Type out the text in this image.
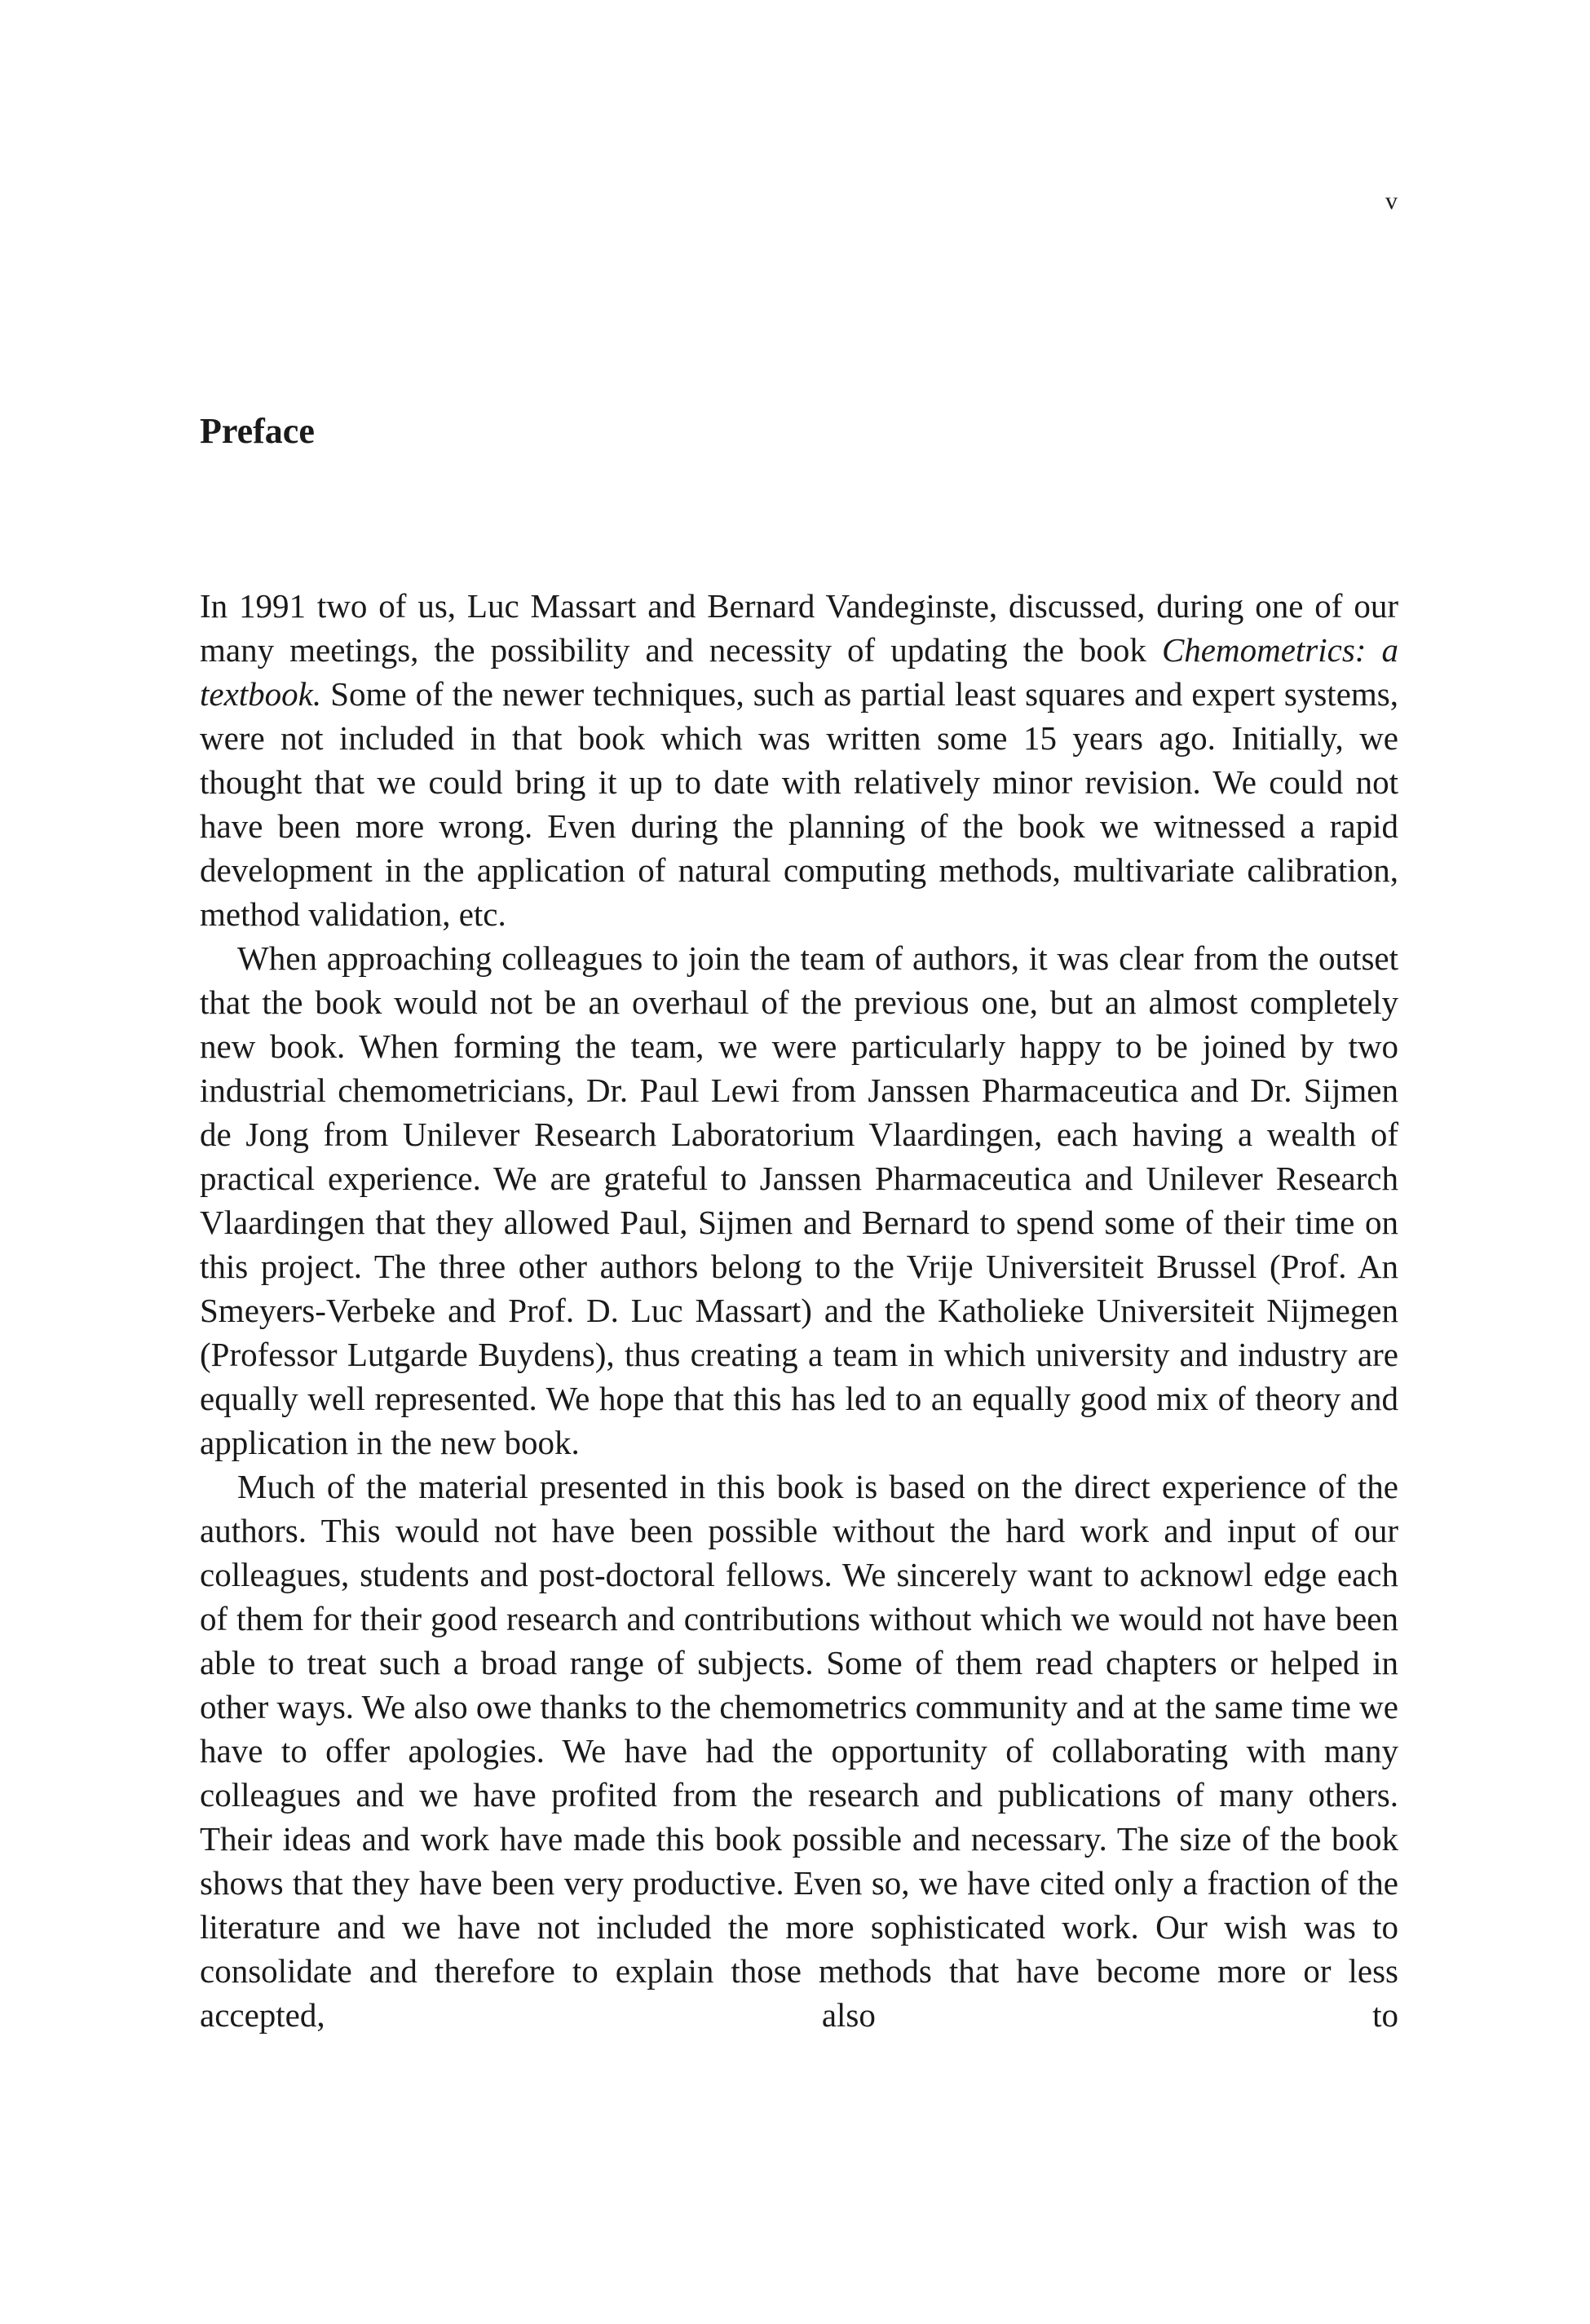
v
Preface

In 1991 two of us, Luc Massart and Bernard Vandeginste, discussed, during one of our many meetings, the possibility and necessity of updating the book Chemometrics: a textbook. Some of the newer techniques, such as partial least squares and expert systems, were not included in that book which was written some 15 years ago. Initially, we thought that we could bring it up to date with relatively minor revision. We could not have been more wrong. Even during the planning of the book we witnessed a rapid development in the application of natural computing methods, multivariate calibration, method validation, etc.

When approaching colleagues to join the team of authors, it was clear from the outset that the book would not be an overhaul of the previous one, but an almost completely new book. When forming the team, we were particularly happy to be joined by two industrial chemometricians, Dr. Paul Lewi from Janssen Pharmaceutica and Dr. Sijmen de Jong from Unilever Research Laboratorium Vlaardingen, each having a wealth of practical experience. We are grateful to Janssen Pharmaceutica and Unilever Research Vlaardingen that they allowed Paul, Sijmen and Bernard to spend some of their time on this project. The three other authors belong to the Vrije Universiteit Brussel (Prof. An Smeyers-Verbeke and Prof. D. Luc Massart) and the Katholieke Universiteit Nijmegen (Professor Lutgarde Buydens), thus creating a team in which university and industry are equally well represented. We hope that this has led to an equally good mix of theory and application in the new book.

Much of the material presented in this book is based on the direct experience of the authors. This would not have been possible without the hard work and input of our colleagues, students and post-doctoral fellows. We sincerely want to acknowl edge each of them for their good research and contributions without which we would not have been able to treat such a broad range of subjects. Some of them read chapters or helped in other ways. We also owe thanks to the chemometrics community and at the same time we have to offer apologies. We have had the opportunity of collaborating with many colleagues and we have profited from the research and publications of many others. Their ideas and work have made this book possible and necessary. The size of the book shows that they have been very productive. Even so, we have cited only a fraction of the literature and we have not included the more sophisticated work. Our wish was to consolidate and therefore to explain those methods that have become more or less accepted, also to
